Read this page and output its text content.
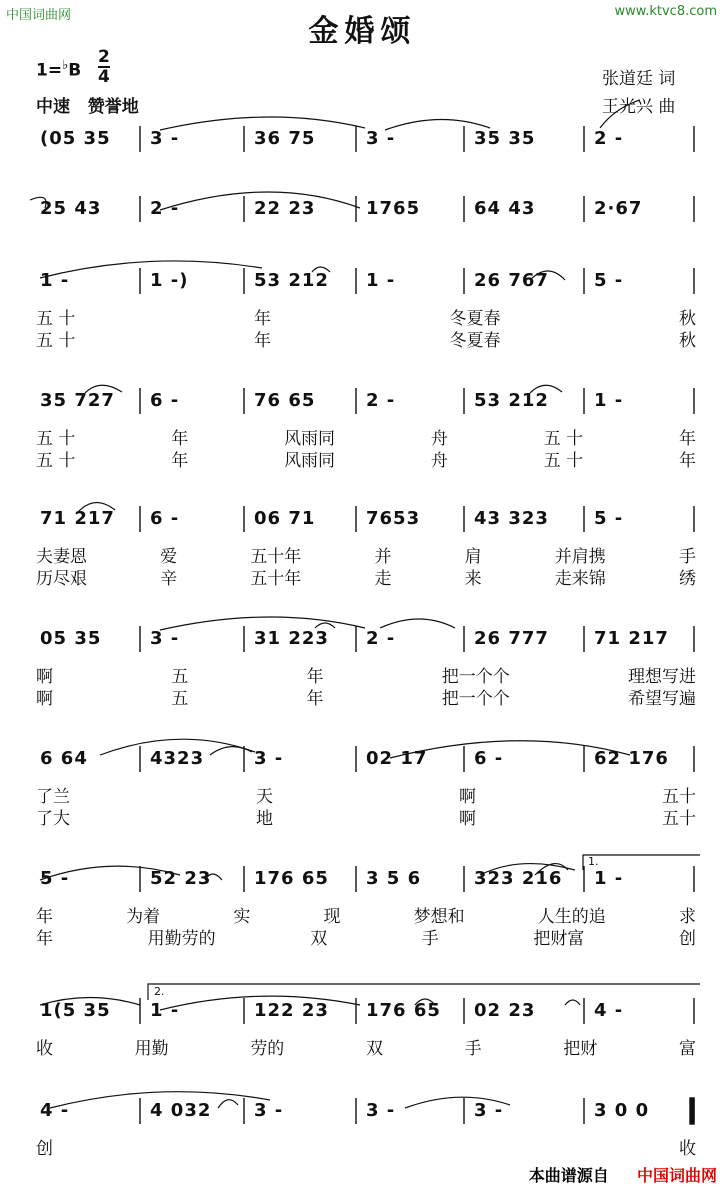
中国词曲网	www.ktvc8.com
金婚颂
1=♭B
2
4
中速   赞誉地
张道廷 词
王光兴 曲
(05 35 3 -	36 75	3 -	35 35	2 -
25 43	2 -	22 23	1765	64 43	2·67
1 -	1 -)	53 212 1 -	26 767	5 -
五 十	年	冬夏春	秋
五 十	年	冬夏春	秋
35 727 6 -	76 65	2 -	53 212	1 -
五 十	年	风雨同	舟	五 十	年
五 十	年	风雨同	舟	五 十	年
71 217 6 -	06 71	7653	43 323	5 -
夫妻恩	爱	五十年	并	肩	并肩携	手
历尽艰	辛	五十年	走	来	走来锦	绣
05 35	3 -	31 223 2 -	26 777	71 217
啊	五	年	把一个个	理想写进
啊	五	年	把一个个	希望写遍
6 64	4323	3 -	02 17	6 -	62 176
了兰	天	啊	五十
了大	地	啊	五十
5 -	52 23 176 65 3 5 6	323 216 1 -
1.
年	为着	实	现	梦想和	人生的追	求
年	用勤劳的	双	手	把财富	创
1(5 35 1 -	122 23 176 65 02 23	4 -
2.
收	用勤	劳的	双	手	把财	富
4 -	4 032 3 -	3 -	3 -	3 0 0
创	收
本曲谱源自 中国词曲网
